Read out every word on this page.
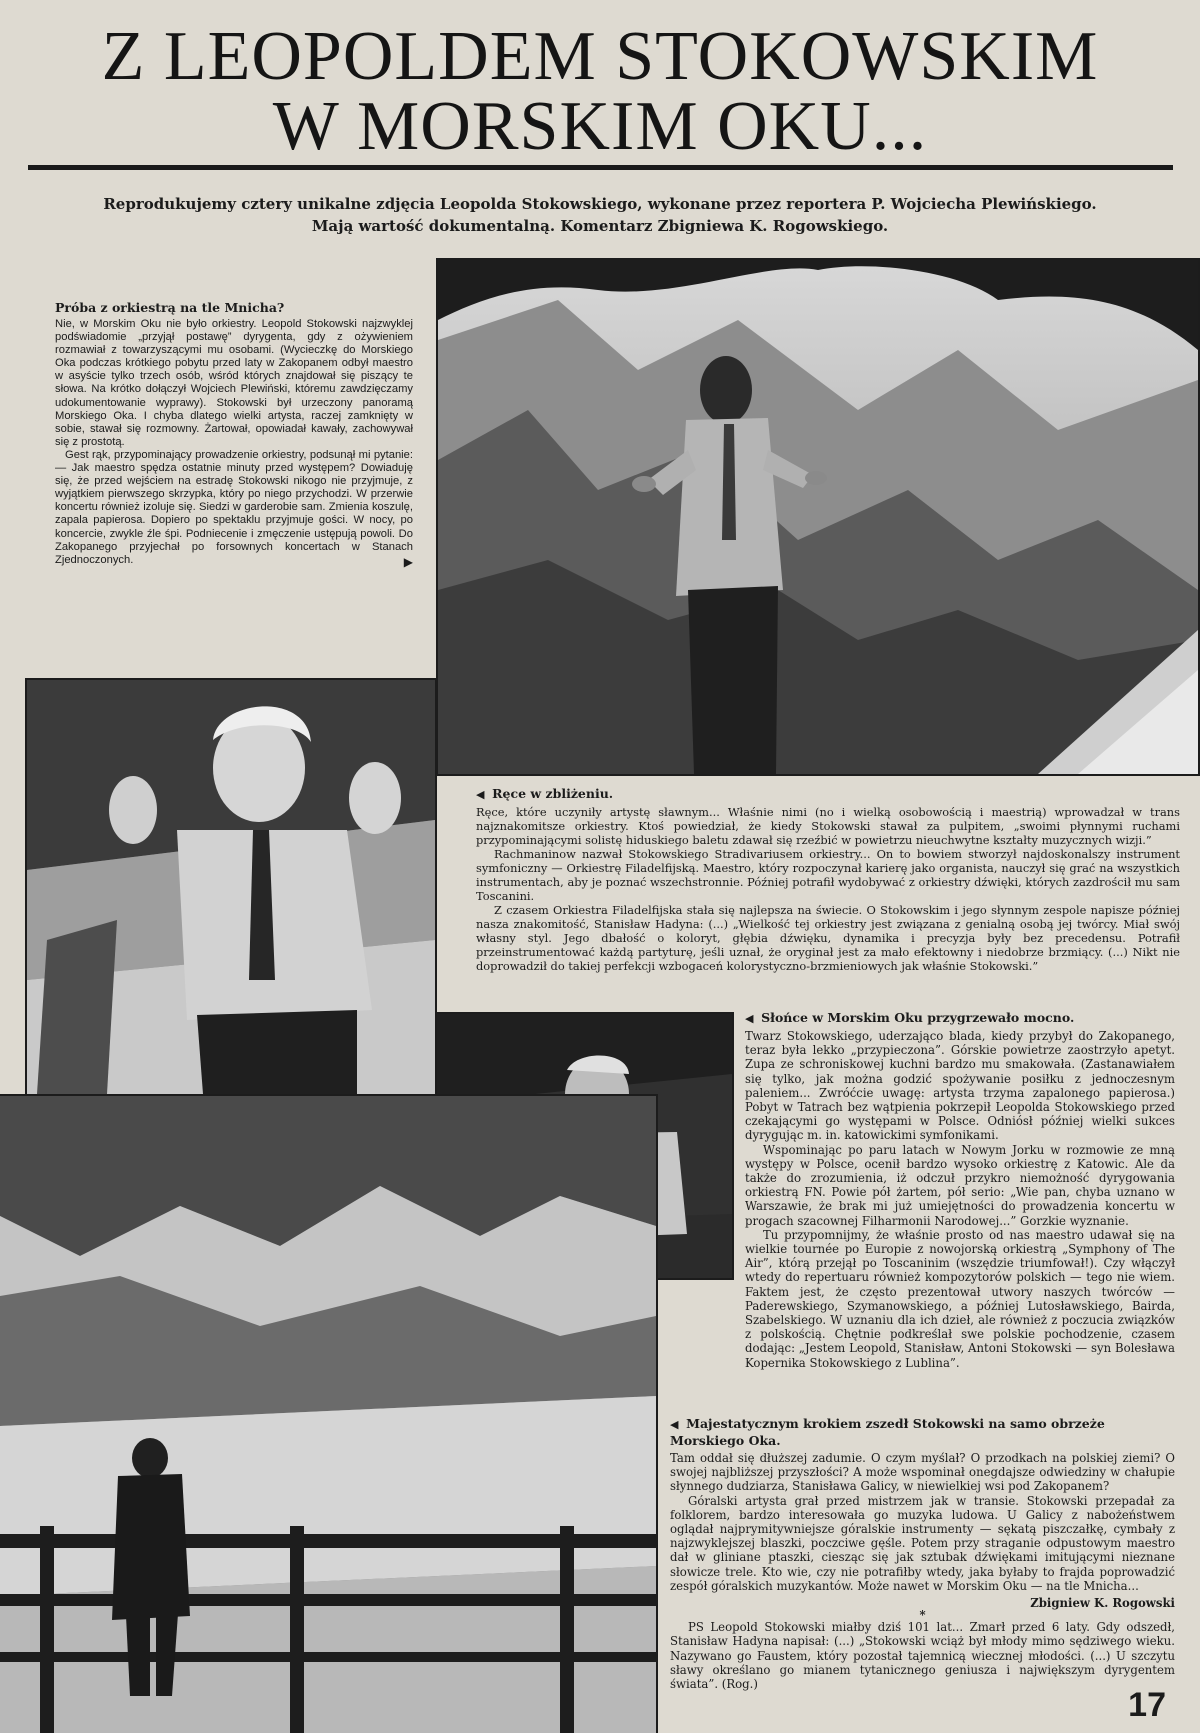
Z LEOPOLDEM STOKOWSKIM
W MORSKIM OKU...
Reprodukujemy cztery unikalne zdjęcia Leopolda Stokowskiego, wykonane przez reportera P. Wojciecha Plewińskiego.
Mają wartość dokumentalną. Komentarz Zbigniewa K. Rogowskiego.
Próba z orkiestrą na tle Mnicha?

Nie, w Morskim Oku nie było orkiestry. Leopold Stokowski najzwyklej podświadomie „przyjął postawę” dyrygenta, gdy z ożywieniem rozmawiał z towarzyszącymi mu osobami. (Wycieczkę do Morskiego Oka podczas krótkiego pobytu przed laty w Zakopanem odbył maestro w asyście tylko trzech osób, wśród których znajdował się piszący te słowa. Na krótko dołączył Wojciech Plewiński, któremu zawdzięczamy udokumentowanie wyprawy). Stokowski był urzeczony panoramą Morskiego Oka. I chyba dlatego wielki artysta, raczej zamknięty w sobie, stawał się rozmowny. Żartował, opowiadał kawały, zachowywał się z prostotą.

Gest rąk, przypominający prowadzenie orkiestry, podsunął mi pytanie: — Jak maestro spędza ostatnie minuty przed występem? Dowiaduję się, że przed wejściem na estradę Stokowski nikogo nie przyjmuje, z wyjątkiem pierwszego skrzypka, który po niego przychodzi. W przerwie koncertu również izoluje się. Siedzi w garderobie sam. Zmienia koszulę, zapala papierosa. Dopiero po spektaklu przyjmuje gości. W nocy, po koncercie, zwykle źle śpi. Podniecenie i zmęczenie ustępują powoli. Do Zakopanego przyjechał po forsownych koncertach w Stanach Zjednoczonych.	▶
◀  Ręce w zbliżeniu.

Ręce, które uczyniły artystę sławnym... Właśnie nimi (no i wielką osobowością i maestrią) wprowadzał w trans najznakomitsze orkiestry. Ktoś powiedział, że kiedy Stokowski stawał za pulpitem, „swoimi płynnymi ruchami przypominającymi solistę hiduskiego baletu zdawał się rzeźbić w powietrzu nieuchwytne kształty muzycznych wizji.”

Rachmaninow nazwał Stokowskiego Stradivariusem orkiestry... On to bowiem stworzył najdoskonalszy instrument symfoniczny — Orkiestrę Filadelfijską. Maestro, który rozpoczynał karierę jako organista, nauczył się grać na wszystkich instrumentach, aby je poznać wszechstronnie. Później potrafił wydobywać z orkiestry dźwięki, których zazdrościł mu sam Toscanini.

Z czasem Orkiestra Filadelfijska stała się najlepsza na świecie. O Stokowskim i jego słynnym zespole napisze później nasza znakomitość, Stanisław Hadyna: (...) „Wielkość tej orkiestry jest związana z genialną osobą jej twórcy. Miał swój własny styl. Jego dbałość o koloryt, głębia dźwięku, dynamika i precyzja były bez precedensu. Potrafił przeinstrumentować każdą partyturę, jeśli uznał, że oryginał jest za mało efektowny i niedobrze brzmiący. (...) Nikt nie doprowadził do takiej perfekcji wzbogaceń kolorystyczno-brzmieniowych jak właśnie Stokowski.”

◀  Słońce w Morskim Oku przygrzewało mocno.

Twarz Stokowskiego, uderzająco blada, kiedy przybył do Zakopanego, teraz była lekko „przypieczona”. Górskie powietrze zaostrzyło apetyt. Zupa ze schroniskowej kuchni bardzo mu smakowała. (Zastanawiałem się tylko, jak można godzić spożywanie posiłku z jednoczesnym paleniem... Zwróćcie uwagę: artysta trzyma zapalonego papierosa.) Pobyt w Tatrach bez wątpienia pokrzepił Leopolda Stokowskiego przed czekającymi go występami w Polsce. Odniósł później wielki sukces dyrygując m. in. katowickimi symfonikami.

Wspominając po paru latach w Nowym Jorku w rozmowie ze mną występy w Polsce, ocenił bardzo wysoko orkiestrę z Katowic. Ale da także do zrozumienia, iż odczuł przykro niemożność dyrygowania orkiestrą FN. Powie pół żartem, pół serio: „Wie pan, chyba uznano w Warszawie, że brak mi już umiejętności do prowadzenia koncertu w progach szacownej Filharmonii Narodowej...” Gorzkie wyznanie.

Tu przypomnijmy, że właśnie prosto od nas maestro udawał się na wielkie tournée po Europie z nowojorską orkiestrą „Symphony of The Air”, którą przejął po Toscaninim (wszędzie triumfował!). Czy włączył wtedy do repertuaru również kompozytorów polskich — tego nie wiem. Faktem jest, że często prezentował utwory naszych twórców — Paderewskiego, Szymanowskiego, a później Lutosławskiego, Bairda, Szabelskiego. W uznaniu dla ich dzieł, ale również z poczucia związków z polskością. Chętnie podkreślał swe polskie pochodzenie, czasem dodając: „Jestem Leopold, Stanisław, Antoni Stokowski — syn Bolesława Kopernika Stokowskiego z Lublina”.

◀  Majestatycznym krokiem zszedł Stokowski na samo obrzeże Morskiego Oka.

Tam oddał się dłuższej zadumie. O czym myślał? O przodkach na polskiej ziemi? O swojej najbliższej przyszłości? A może wspominał onegdajsze odwiedziny w chałupie słynnego dudziarza, Stanisława Galicy, w niewielkiej wsi pod Zakopanem?

Góralski artysta grał przed mistrzem jak w transie. Stokowski przepadał za folklorem, bardzo interesowała go muzyka ludowa. U Galicy z nabożeństwem oglądał najprymitywniejsze góralskie instrumenty — sękatą piszczałkę, cymbały z najzwyklejszej blaszki, poczciwe gęśle. Potem przy straganie odpustowym maestro dał w gliniane ptaszki, ciesząc się jak sztubak dźwiękami imitującymi nieznane słowicze trele. Kto wie, czy nie potrafiłby wtedy, jaka byłaby to frajda poprowadzić zespół góralskich muzykantów. Może nawet w Morskim Oku — na tle Mnicha...

Zbigniew K. Rogowski

*

PS Leopold Stokowski miałby dziś 101 lat... Zmarł przed 6 laty. Gdy odszedł, Stanisław Hadyna napisał: (...) „Stokowski wciąż był młody mimo sędziwego wieku. Nazywano go Faustem, który pozostał tajemnicą wiecznej młodości. (...) U szczytu sławy określano go mianem tytanicznego geniusza i największym dyrygentem świata”. (Rog.)

17
